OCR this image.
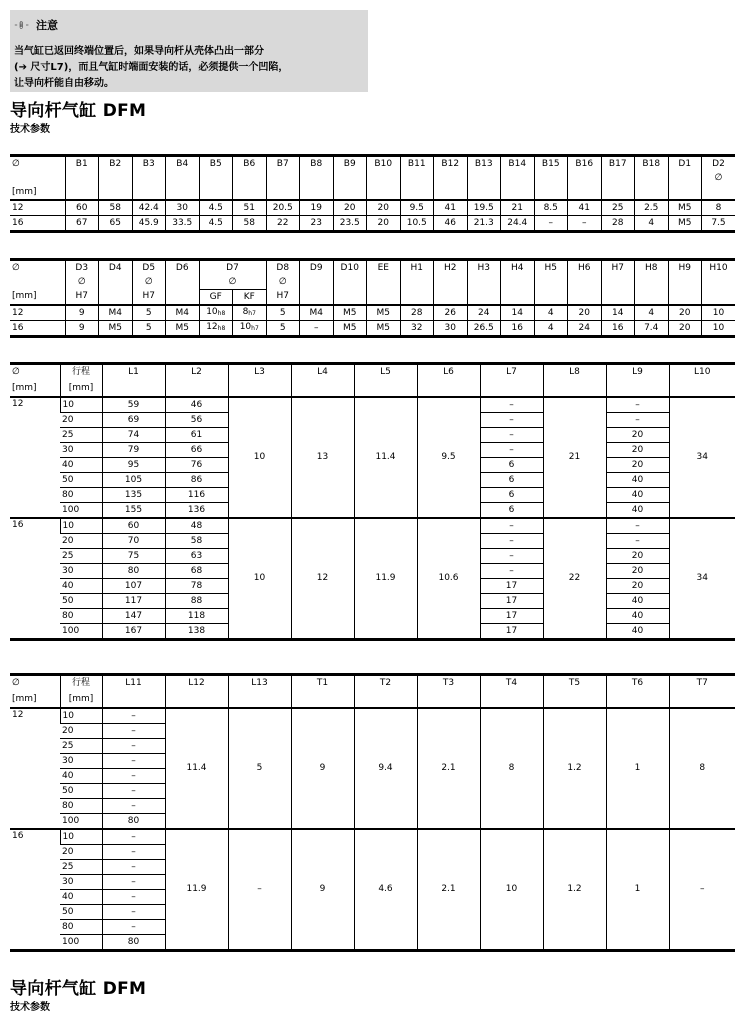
注意
当气缸已返回终端位置后，如果导向杆从壳体凸出一部分
(➔ 尺寸L7)，而且气缸时端面安装的话，必须提供一个凹陷，
让导向杆能自由移动。
导向杆气缸 DFM
技术参数
∅	B1	B2	B3	B4	B5	B6	B7	B8	B9	B10	B11	B12	B13	B14	B15	B16	B17	B18	D1	D2
																				∅
[mm]																				
12	60	58	42.4	30	4.5	51	20.5	19	20	20	9.5	41	19.5	21	8.5	41	25	2.5	M5	8
16	67	65	45.9	33.5	4.5	58	22	23	23.5	20	10.5	46	21.3	24.4	–	–	28	4	M5	7.5
∅	D3	D4	D5	D6	D7		D8	D9	D10	EE	H1	H2	H3	H4	H5	H6	H7	H8	H9	H10
	∅		∅		∅		∅													
[mm]	H7		H7		GF	KF	H7													
12	9	M4	5	M4	10h8	8h7	5	M4	M5	M5	28	26	24	14	4	20	14	4	20	10
16	9	M5	5	M5	12h8	10h7	5	–	M5	M5	32	30	26.5	16	4	24	16	7.4	20	10
∅	行程	L1	L2	L3	L4	L5	L6	L7	L8	L9	L10
[mm]	[mm]										
12	10	59	46	10	13	11.4	9.5	–	21	–	34
	20	69	56					–		–	
	25	74	61					–		20	
	30	79	66					–		20	
	40	95	76					6		20	
	50	105	86					6		40	
	80	135	116					6		40	
	100	155	136					6		40	
16	10	60	48	10	12	11.9	10.6	–	22	–	34
	20	70	58					–		–	
	25	75	63					–		20	
	30	80	68					–		20	
	40	107	78					17		20	
	50	117	88					17		40	
	80	147	118					17		40	
	100	167	138					17		40	
∅	行程	L11	L12	L13	T1	T2	T3	T4	T5	T6	T7
[mm]	[mm]										
12	10	–	11.4	5	9	9.4	2.1	8	1.2	1	8
	20	–									
	25	–									
	30	–									
	40	–									
	50	–									
	80	–									
	100	80									
16	10	–	11.9	–	9	4.6	2.1	10	1.2	1	–
	20	–									
	25	–									
	30	–									
	40	–									
	50	–									
	80	–									
	100	80									
导向杆气缸 DFM
技术参数
